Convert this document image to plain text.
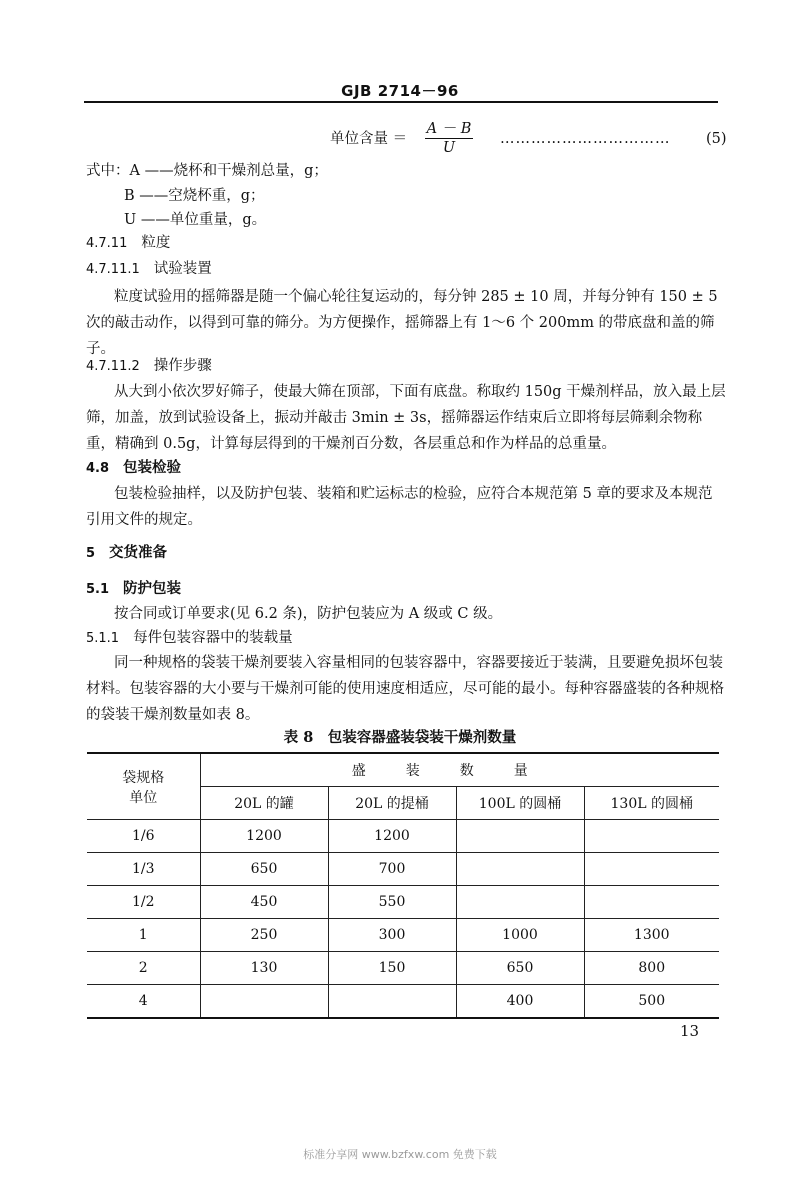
GJB 2714－96
单位含量 ＝ $\frac{A - B}{U}$ …………………………… (5)
式中：A ——烧杯和干燥剂总量，g；
B ——空烧杯重，g；
U ——单位重量，g。
4.7.11 粒度
4.7.11.1 试验装置
粒度试验用的摇筛器是随一个偏心轮往复运动的，每分钟 285 ± 10 周，并每分钟有 150 ± 5 次的敲击动作，以得到可靠的筛分。为方便操作，摇筛器上有 1～6 个 200mm 的带底盘和盖的筛子。
4.7.11.2 操作步骤
从大到小依次罗好筛子，使最大筛在顶部，下面有底盘。称取约 150g 干燥剂样品，放入最上层筛，加盖，放到试验设备上，振动并敲击 3min ± 3s，摇筛器运作结束后立即将每层筛剩余物称重，精确到 0.5g，计算每层得到的干燥剂百分数，各层重总和作为样品的总重量。
4.8 包装检验
包装检验抽样，以及防护包装、装箱和贮运标志的检验，应符合本规范第 5 章的要求及本规范引用文件的规定。
5 交货准备
5.1 防护包装
按合同或订单要求(见 6.2 条)，防护包装应为 A 级或 C 级。
5.1.1 每件包装容器中的装载量
同一种规格的袋装干燥剂要装入容量相同的包装容器中，容器要接近于装满，且要避免损坏包装材料。包装容器的大小要与干燥剂可能的使用速度相适应，尽可能的最小。每种容器盛装的各种规格的袋装干燥剂数量如表 8。
表 8　包装容器盛装袋装干燥剂数量
袋规格
单位	盛装数量			
	20L 的罐	20L 的提桶	100L 的圆桶	130L 的圆桶
1/6	1200	1200		
1/3	650	700		
1/2	450	550		
1	250	300	1000	1300
2	130	150	650	800
4			400	500
13
标准分享网 www.bzfxw.com 免费下载
